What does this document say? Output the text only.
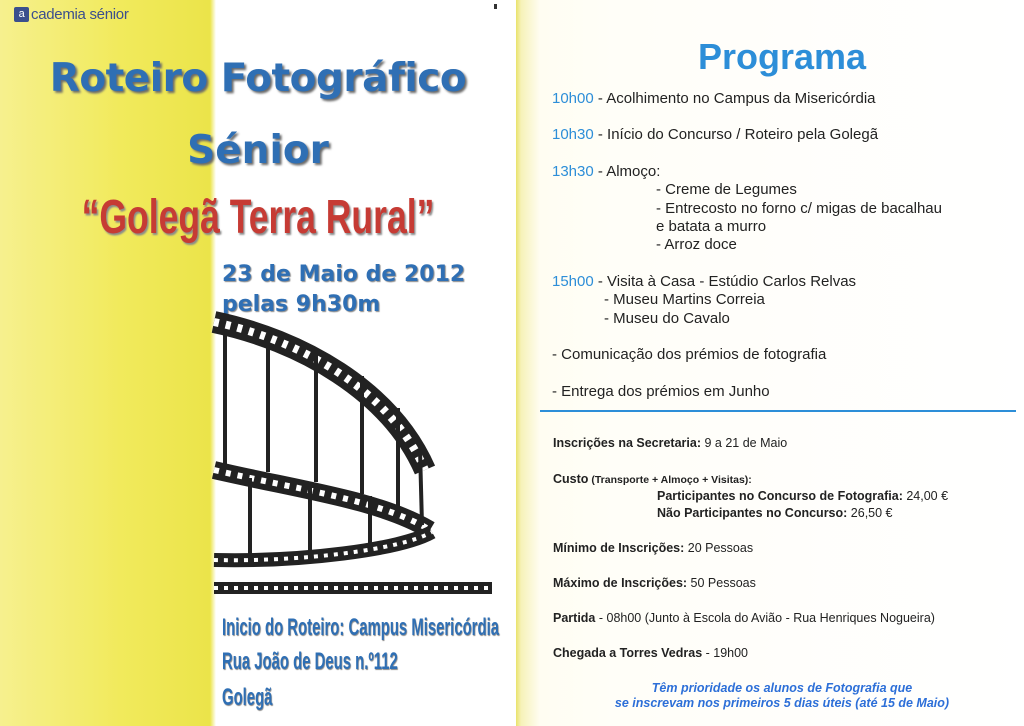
a cademia sénior
Roteiro Fotográfico
Sénior
“Golegã Terra Rural”
23 de Maio de 2012
pelas 9h30m
Inicio do Roteiro: Campus Misericórdia
Rua João de Deus n.º112
Golegã
Programa
10h00 - Acolhimento no Campus da Misericórdia
10h30 - Início do Concurso / Roteiro pela Golegã
13h30 - Almoço:
- Creme de Legumes
- Entrecosto no forno c/ migas de bacalhau
e batata a murro
- Arroz doce
15h00 - Visita à Casa - Estúdio Carlos Relvas
- Museu Martins Correia
- Museu do Cavalo
- Comunicação dos prémios de fotografia
- Entrega dos prémios em Junho
Inscrições na Secretaria: 9 a 21 de Maio
Custo (Transporte + Almoço + Visitas):
Participantes no Concurso de Fotografia: 24,00 €
Não Participantes no Concurso: 26,50 €
Mínimo de Inscrições: 20 Pessoas
Máximo de Inscrições: 50 Pessoas
Partida - 08h00 (Junto à Escola do Avião - Rua Henriques Nogueira)
Chegada a Torres Vedras - 19h00
Têm prioridade os alunos de Fotografia que
se inscrevam nos primeiros 5 dias úteis (até 15 de Maio)
